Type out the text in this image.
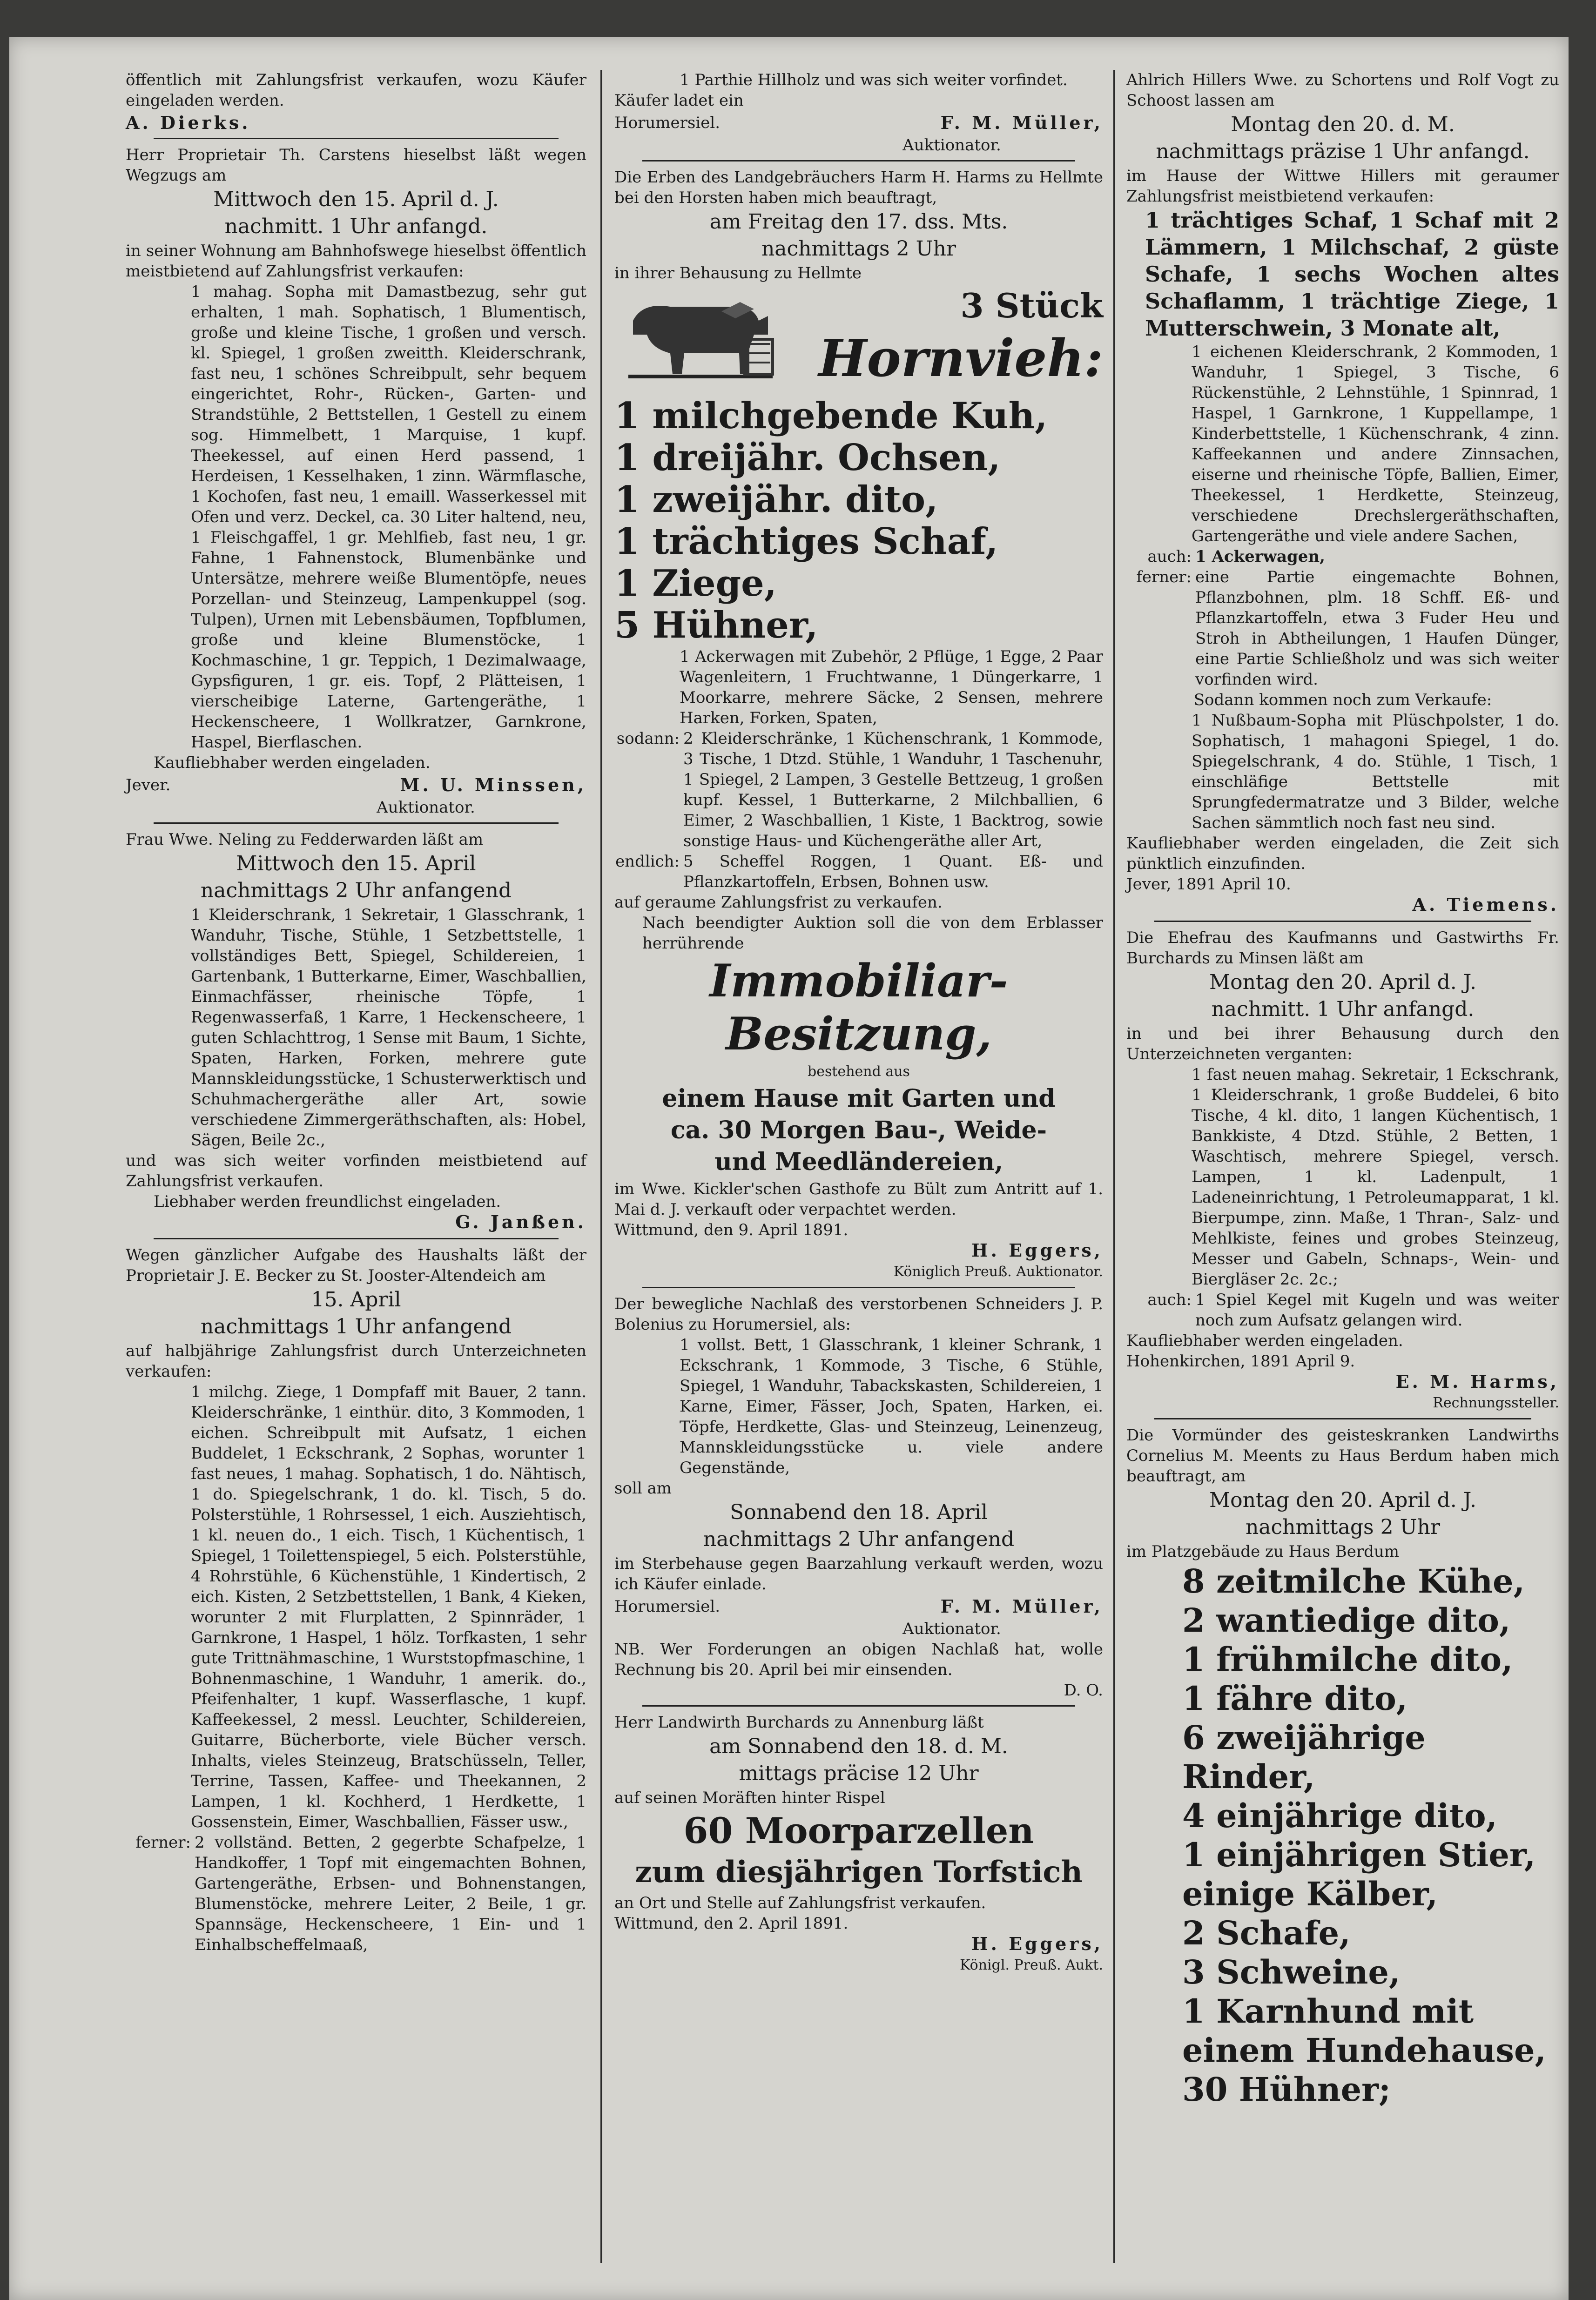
öffentlich mit Zahlungsfrist verkaufen, wozu Käufer eingeladen werden.

A. Dierks.

Herr Proprietair Th. Carstens hieselbst läßt wegen Wegzugs am

Mittwoch den 15. April d. J.

nachmitt. 1 Uhr anfangd.

in seiner Wohnung am Bahnhofswege hieselbst öffentlich meistbietend auf Zahlungsfrist verkaufen:

1 mahag. Sopha mit Damastbezug, sehr gut erhalten, 1 mah. Sophatisch, 1 Blumentisch, große und kleine Tische, 1 großen und versch. kl. Spiegel, 1 großen zweitth. Kleiderschrank, fast neu, 1 schönes Schreibpult, sehr bequem eingerichtet, Rohr-, Rücken-, Garten- und Strandstühle, 2 Bettstellen, 1 Gestell zu einem sog. Himmelbett, 1 Marquise, 1 kupf. Theekessel, auf einen Herd passend, 1 Herdeisen, 1 Kesselhaken, 1 zinn. Wärmflasche, 1 Kochofen, fast neu, 1 emaill. Wasserkessel mit Ofen und verz. Deckel, ca. 30 Liter haltend, neu, 1 Fleischgaffel, 1 gr. Mehlfieb, fast neu, 1 gr. Fahne, 1 Fahnenstock, Blumenbänke und Untersätze, mehrere weiße Blumentöpfe, neues Porzellan- und Steinzeug, Lampenkuppel (sog. Tulpen), Urnen mit Lebensbäumen, Topfblumen, große und kleine Blumenstöcke, 1 Kochmaschine, 1 gr. Teppich, 1 Dezimalwaage, Gypsfiguren, 1 gr. eis. Topf, 2 Plätteisen, 1 vierscheibige Laterne, Gartengeräthe, 1 Heckenscheere, 1 Wollkratzer, Garnkrone, Haspel, Bierflaschen.

Kaufliebhaber werden eingeladen.

Jever.	M. U. Minssen,

Auktionator.

Frau Wwe. Neling zu Fedderwarden läßt am

Mittwoch den 15. April

nachmittags 2 Uhr anfangend

1 Kleiderschrank, 1 Sekretair, 1 Glasschrank, 1 Wanduhr, Tische, Stühle, 1 Setzbettstelle, 1 vollständiges Bett, Spiegel, Schildereien, 1 Gartenbank, 1 Butterkarne, Eimer, Waschballien, Einmachfässer, rheinische Töpfe, 1 Regenwasserfaß, 1 Karre, 1 Heckenscheere, 1 guten Schlachttrog, 1 Sense mit Baum, 1 Sichte, Spaten, Harken, Forken, mehrere gute Mannskleidungsstücke, 1 Schusterwerktisch und Schuhmachergeräthe aller Art, sowie verschiedene Zimmergeräthschaften, als: Hobel, Sägen, Beile 2c.,

und was sich weiter vorfinden meistbietend auf Zahlungsfrist verkaufen.

Liebhaber werden freundlichst eingeladen.

G. Janßen.

Wegen gänzlicher Aufgabe des Haushalts läßt der Proprietair J. E. Becker zu St. Jooster-Altendeich am

15. April

nachmittags 1 Uhr anfangend

auf halbjährige Zahlungsfrist durch Unterzeichneten verkaufen:

1 milchg. Ziege, 1 Dompfaff mit Bauer, 2 tann. Kleiderschränke, 1 einthür. dito, 3 Kommoden, 1 eichen. Schreibpult mit Aufsatz, 1 eichen Buddelet, 1 Eckschrank, 2 Sophas, worunter 1 fast neues, 1 mahag. Sophatisch, 1 do. Nähtisch, 1 do. Spiegelschrank, 1 do. kl. Tisch, 5 do. Polsterstühle, 1 Rohrsessel, 1 eich. Ausziehtisch, 1 kl. neuen do., 1 eich. Tisch, 1 Küchentisch, 1 Spiegel, 1 Toilettenspiegel, 5 eich. Polsterstühle, 4 Rohrstühle, 6 Küchenstühle, 1 Kindertisch, 2 eich. Kisten, 2 Setzbettstellen, 1 Bank, 4 Kieken, worunter 2 mit Flurplatten, 2 Spinnräder, 1 Garnkrone, 1 Haspel, 1 hölz. Torfkasten, 1 sehr gute Trittnähmaschine, 1 Wurststopfmaschine, 1 Bohnenmaschine, 1 Wanduhr, 1 amerik. do., Pfeifenhalter, 1 kupf. Wasserflasche, 1 kupf. Kaffeekessel, 2 messl. Leuchter, Schildereien, Guitarre, Bücherborte, viele Bücher versch. Inhalts, vieles Steinzeug, Bratschüsseln, Teller, Terrine, Tassen, Kaffee- und Theekannen, 2 Lampen, 1 kl. Kochherd, 1 Herdkette, 1 Gossenstein, Eimer, Waschballien, Fässer usw.,

ferner: 2 vollständ. Betten, 2 gegerbte Schafpelze, 1 Handkoffer, 1 Topf mit eingemachten Bohnen, Gartengeräthe, Erbsen- und Bohnenstangen, Blumenstöcke, mehrere Leiter, 2 Beile, 1 gr. Spannsäge, Heckenscheere, 1 Ein- und 1 Einhalbscheffelmaaß,

1 Parthie Hillholz und was sich weiter vorfindet.

Käufer ladet ein

Horumersiel.	F. M. Müller,

Auktionator.

Die Erben des Landgebräuchers Harm H. Harms zu Hellmte bei den Horsten haben mich beauftragt,

am Freitag den 17. dss. Mts.

nachmittags 2 Uhr

in ihrer Behausung zu Hellmte

3 Stück

Hornvieh:

1 milchgebende Kuh,

1 dreijähr. Ochsen,

1 zweijähr. dito,

1 trächtiges Schaf,

1 Ziege,

5 Hühner,

1 Ackerwagen mit Zubehör, 2 Pflüge, 1 Egge, 2 Paar Wagenleitern, 1 Fruchtwanne, 1 Düngerkarre, 1 Moorkarre, mehrere Säcke, 2 Sensen, mehrere Harken, Forken, Spaten,

sodann: 2 Kleiderschränke, 1 Küchenschrank, 1 Kommode, 3 Tische, 1 Dtzd. Stühle, 1 Wanduhr, 1 Taschenuhr, 1 Spiegel, 2 Lampen, 3 Gestelle Bettzeug, 1 großen kupf. Kessel, 1 Butterkarne, 2 Milchballien, 6 Eimer, 2 Waschballien, 1 Kiste, 1 Backtrog, sowie sonstige Haus- und Küchengeräthe aller Art,
endlich: 5 Scheffel Roggen, 1 Quant. Eß- und Pflanzkartoffeln, Erbsen, Bohnen usw.

auf geraume Zahlungsfrist zu verkaufen.

Nach beendigter Auktion soll die von dem Erblasser herrührende

Immobiliar-

Besitzung,

bestehend aus

einem Hause mit Garten und

ca. 30 Morgen Bau-, Weide-

und Meedländereien,

im Wwe. Kickler'schen Gasthofe zu Bült zum Antritt auf 1. Mai d. J. verkauft oder verpachtet werden.

Wittmund, den 9. April 1891.

H. Eggers,

Königlich Preuß. Auktionator.

Der bewegliche Nachlaß des verstorbenen Schneiders J. P. Bolenius zu Horumersiel, als:

1 vollst. Bett, 1 Glasschrank, 1 kleiner Schrank, 1 Eckschrank, 1 Kommode, 3 Tische, 6 Stühle, Spiegel, 1 Wanduhr, Tabackskasten, Schildereien, 1 Karne, Eimer, Fässer, Joch, Spaten, Harken, ei. Töpfe, Herdkette, Glas- und Steinzeug, Leinenzeug, Mannskleidungsstücke u. viele andere Gegenstände,

soll am

Sonnabend den 18. April

nachmittags 2 Uhr anfangend

im Sterbehause gegen Baarzahlung verkauft werden, wozu ich Käufer einlade.

Horumersiel.	F. M. Müller,

Auktionator.

NB. Wer Forderungen an obigen Nachlaß hat, wolle Rechnung bis 20. April bei mir einsenden.

D. O.

Herr Landwirth Burchards zu Annenburg läßt

am Sonnabend den 18. d. M.

mittags präcise 12 Uhr

auf seinen Moräften hinter Rispel

60 Moorparzellen

zum diesjährigen Torfstich

an Ort und Stelle auf Zahlungsfrist verkaufen.

Wittmund, den 2. April 1891.

H. Eggers,

Königl. Preuß. Aukt.

Ahlrich Hillers Wwe. zu Schortens und Rolf Vogt zu Schoost lassen am

Montag den 20. d. M.

nachmittags präzise 1 Uhr anfangd.

im Hause der Wittwe Hillers mit geraumer Zahlungsfrist meistbietend verkaufen:

1 trächtiges Schaf, 1 Schaf mit 2 Lämmern, 1 Milchschaf, 2 güste Schafe, 1 sechs Wochen altes Schaflamm, 1 trächtige Ziege, 1 Mutterschwein, 3 Monate alt,

1 eichenen Kleiderschrank, 2 Kommoden, 1 Wanduhr, 1 Spiegel, 3 Tische, 6 Rückenstühle, 2 Lehnstühle, 1 Spinnrad, 1 Haspel, 1 Garnkrone, 1 Kuppellampe, 1 Kinderbettstelle, 1 Küchenschrank, 4 zinn. Kaffeekannen und andere Zinnsachen, eiserne und rheinische Töpfe, Ballien, Eimer, Theekessel, 1 Herdkette, Steinzeug, verschiedene Drechslergeräthschaften, Gartengeräthe und viele andere Sachen,

auch: 1 Ackerwagen,
ferner: eine Partie eingemachte Bohnen, Pflanzbohnen, plm. 18 Schff. Eß- und Pflanzkartoffeln, etwa 3 Fuder Heu und Stroh in Abtheilungen, 1 Haufen Dünger, eine Partie Schließholz und was sich weiter vorfinden wird.

Sodann kommen noch zum Verkaufe:

1 Nußbaum-Sopha mit Plüschpolster, 1 do. Sophatisch, 1 mahagoni Spiegel, 1 do. Spiegelschrank, 4 do. Stühle, 1 Tisch, 1 einschläfige Bettstelle mit Sprungfedermatratze und 3 Bilder, welche Sachen sämmtlich noch fast neu sind.

Kaufliebhaber werden eingeladen, die Zeit sich pünktlich einzufinden.

Jever, 1891 April 10.

A. Tiemens.

Die Ehefrau des Kaufmanns und Gastwirths Fr. Burchards zu Minsen läßt am

Montag den 20. April d. J.

nachmitt. 1 Uhr anfangd.

in und bei ihrer Behausung durch den Unterzeichneten verganten:

1 fast neuen mahag. Sekretair, 1 Eckschrank, 1 Kleiderschrank, 1 große Buddelei, 6 bito Tische, 4 kl. dito, 1 langen Küchentisch, 1 Bankkiste, 4 Dtzd. Stühle, 2 Betten, 1 Waschtisch, mehrere Spiegel, versch. Lampen, 1 kl. Ladenpult, 1 Ladeneinrichtung, 1 Petroleumapparat, 1 kl. Bierpumpe, zinn. Maße, 1 Thran-, Salz- und Mehlkiste, feines und grobes Steinzeug, Messer und Gabeln, Schnaps-, Wein- und Biergläser 2c. 2c.;

auch: 1 Spiel Kegel mit Kugeln und was weiter noch zum Aufsatz gelangen wird.

Kaufliebhaber werden eingeladen.

Hohenkirchen, 1891 April 9.

E. M. Harms,

Rechnungssteller.

Die Vormünder des geisteskranken Landwirths Cornelius M. Meents zu Haus Berdum haben mich beauftragt, am

Montag den 20. April d. J.

nachmittags 2 Uhr

im Platzgebäude zu Haus Berdum

8 zeitmilche Kühe,

2 wantiedige dito,

1 frühmilche dito,

1 fähre dito,

6 zweijährige Rinder,

4 einjährige dito,

1 einjährigen Stier,

einige Kälber,

2 Schafe,

3 Schweine,

1 Karnhund mit einem Hundehause,

30 Hühner;
